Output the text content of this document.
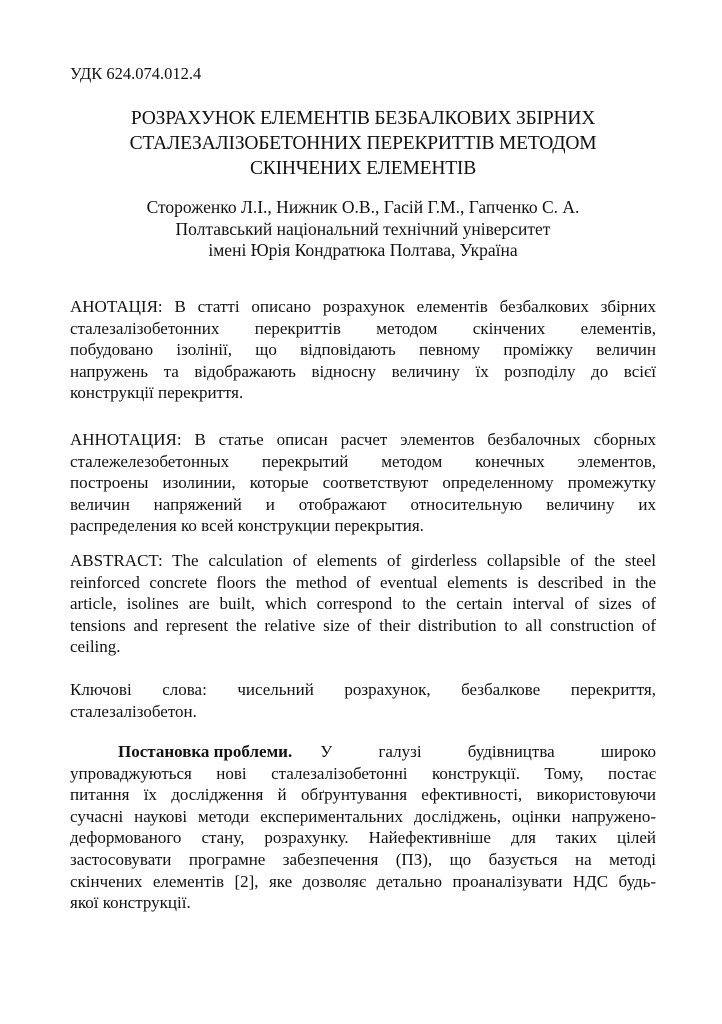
УДК 624.074.012.4
РОЗРАХУНОК ЕЛЕМЕНТІВ БЕЗБАЛКОВИХ ЗБІРНИХ
СТАЛЕЗАЛІЗОБЕТОННИХ ПЕРЕКРИТТІВ МЕТОДОМ
СКІНЧЕНИХ ЕЛЕМЕНТІВ
Стороженко Л.І., Нижник О.В., Гасій Г.М., Гапченко С. А.
Полтавський національний технічний університет
імені Юрія Кондратюка Полтава, Україна
АНОТАЦІЯ: В статті описано розрахунок елементів безбалкових збірних
сталезалізобетонних перекриттів методом скінчених елементів,
побудовано ізолінії, що відповідають певному проміжку величин
напружень та відображають відносну величину їх розподілу до всієї
конструкції перекриття.
АННОТАЦИЯ: В статье описан расчет элементов безбалочных сборных
сталежелезобетонных перекрытий методом конечных элементов,
построены изолинии, которые соответствуют определенному промежутку
величин напряжений и отображают относительную величину их
распределения ко всей конструкции перекрытия.
ABSTRACT: The calculation of elements of girderless collapsible of the steel
reinforced concrete floors the method of eventual elements is described in the
article, isolines are built, which correspond to the certain interval of sizes of
tensions and represent the relative size of their distribution to all construction of
ceiling.
Ключові слова: чисельний розрахунок, безбалкове перекриття,
сталезалізобетон.
Постановка проблеми.	У галузі будівництва широко
упроваджуються нові сталезалізобетонні конструкції. Тому, постає
питання їх дослідження й обґрунтування ефективності, використовуючи
сучасні наукові методи експериментальних досліджень, оцінки напружено-
деформованого стану, розрахунку. Найефективніше для таких цілей
застосовувати програмне забезпечення (ПЗ), що базується на методі
скінчених елементів [2], яке дозволяє детально проаналізувати НДС будь-
якої конструкції.
